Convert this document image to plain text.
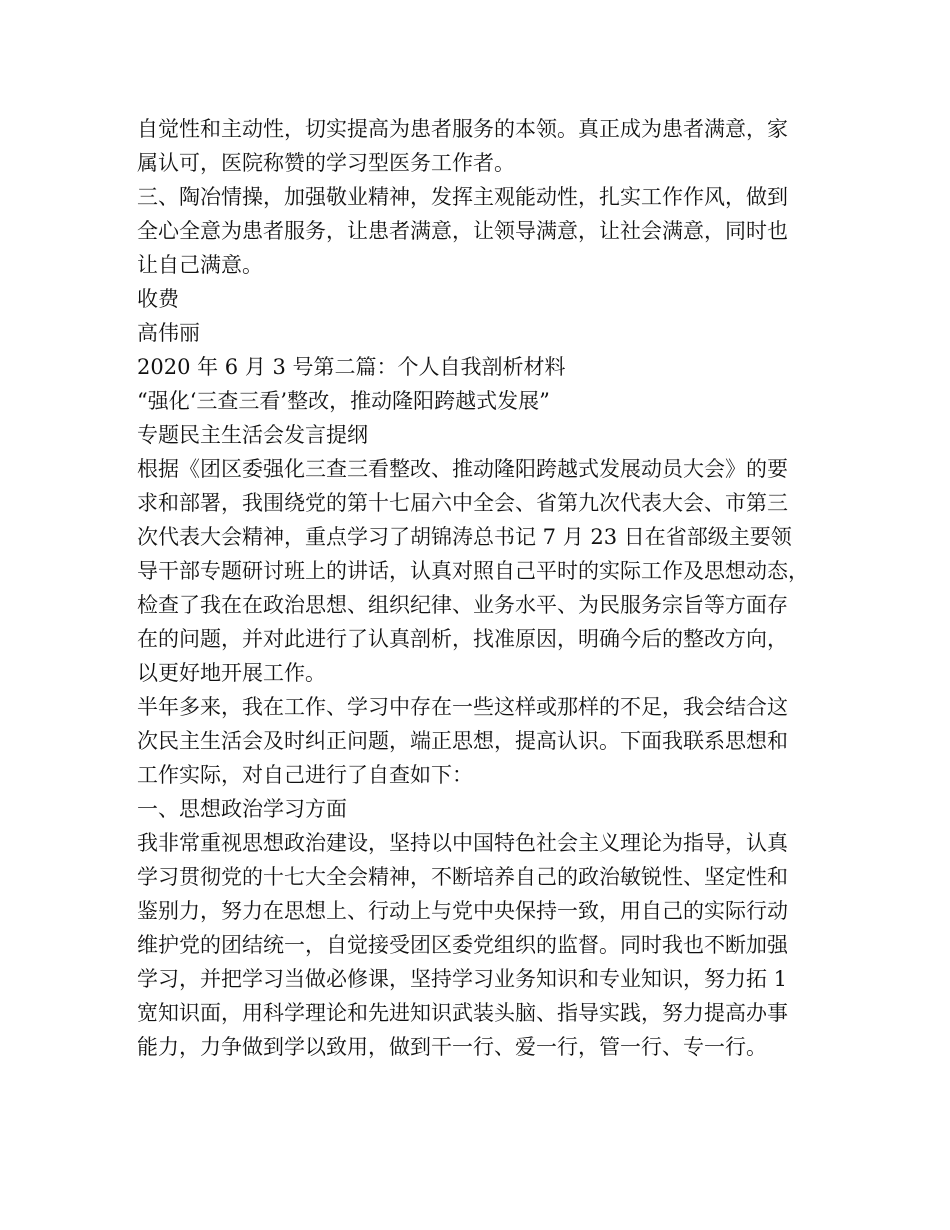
自觉性和主动性，切实提高为患者服务的本领。真正成为患者满意，家

属认可，医院称赞的学习型医务工作者。

三、陶冶情操，加强敬业精神，发挥主观能动性，扎实工作作风，做到

全心全意为患者服务，让患者满意，让领导满意，让社会满意，同时也

让自己满意。

收费

高伟丽

2020 年 6 月 3 号第二篇：个人自我剖析材料

“强化‘三查三看’整改，推动隆阳跨越式发展”

专题民主生活会发言提纲

根据《团区委强化三查三看整改、推动隆阳跨越式发展动员大会》的要

求和部署，我围绕党的第十七届六中全会、省第九次代表大会、市第三

次代表大会精神，重点学习了胡锦涛总书记 7 月 23 日在省部级主要领

导干部专题研讨班上的讲话，认真对照自己平时的实际工作及思想动态，

检查了我在在政治思想、组织纪律、业务水平、为民服务宗旨等方面存

在的问题，并对此进行了认真剖析，找准原因，明确今后的整改方向，

以更好地开展工作。

半年多来，我在工作、学习中存在一些这样或那样的不足，我会结合这

次民主生活会及时纠正问题，端正思想，提高认识。下面我联系思想和

工作实际，对自己进行了自查如下：

一、思想政治学习方面

我非常重视思想政治建设，坚持以中国特色社会主义理论为指导，认真

学习贯彻党的十七大全会精神，不断培养自己的政治敏锐性、坚定性和

鉴别力，努力在思想上、行动上与党中央保持一致，用自己的实际行动

维护党的团结统一，自觉接受团区委党组织的监督。同时我也不断加强

学习，并把学习当做必修课，坚持学习业务知识和专业知识，努力拓 1

宽知识面，用科学理论和先进知识武装头脑、指导实践，努力提高办事

能力，力争做到学以致用，做到干一行、爱一行，管一行、专一行。
